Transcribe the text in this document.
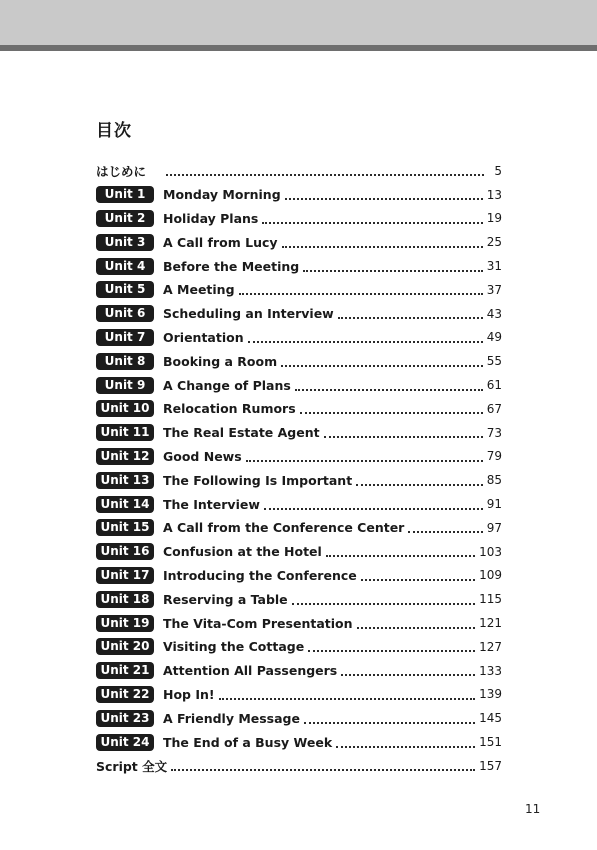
目次
はじめに	5
Unit 1	Monday Morning	13
Unit 2	Holiday Plans	19
Unit 3	A Call from Lucy	25
Unit 4	Before the Meeting	31
Unit 5	A Meeting	37
Unit 6	Scheduling an Interview	43
Unit 7	Orientation	49
Unit 8	Booking a Room	55
Unit 9	A Change of Plans	61
Unit 10	Relocation Rumors	67
Unit 11	The Real Estate Agent	73
Unit 12	Good News	79
Unit 13	The Following Is Important	85
Unit 14	The Interview	91
Unit 15	A Call from the Conference Center	97
Unit 16	Confusion at the Hotel	103
Unit 17	Introducing the Conference	109
Unit 18	Reserving a Table	115
Unit 19	The Vita-Com Presentation	121
Unit 20	Visiting the Cottage	127
Unit 21	Attention All Passengers	133
Unit 22	Hop In!	139
Unit 23	A Friendly Message	145
Unit 24	The End of a Busy Week	151
Script 全文	157
11
